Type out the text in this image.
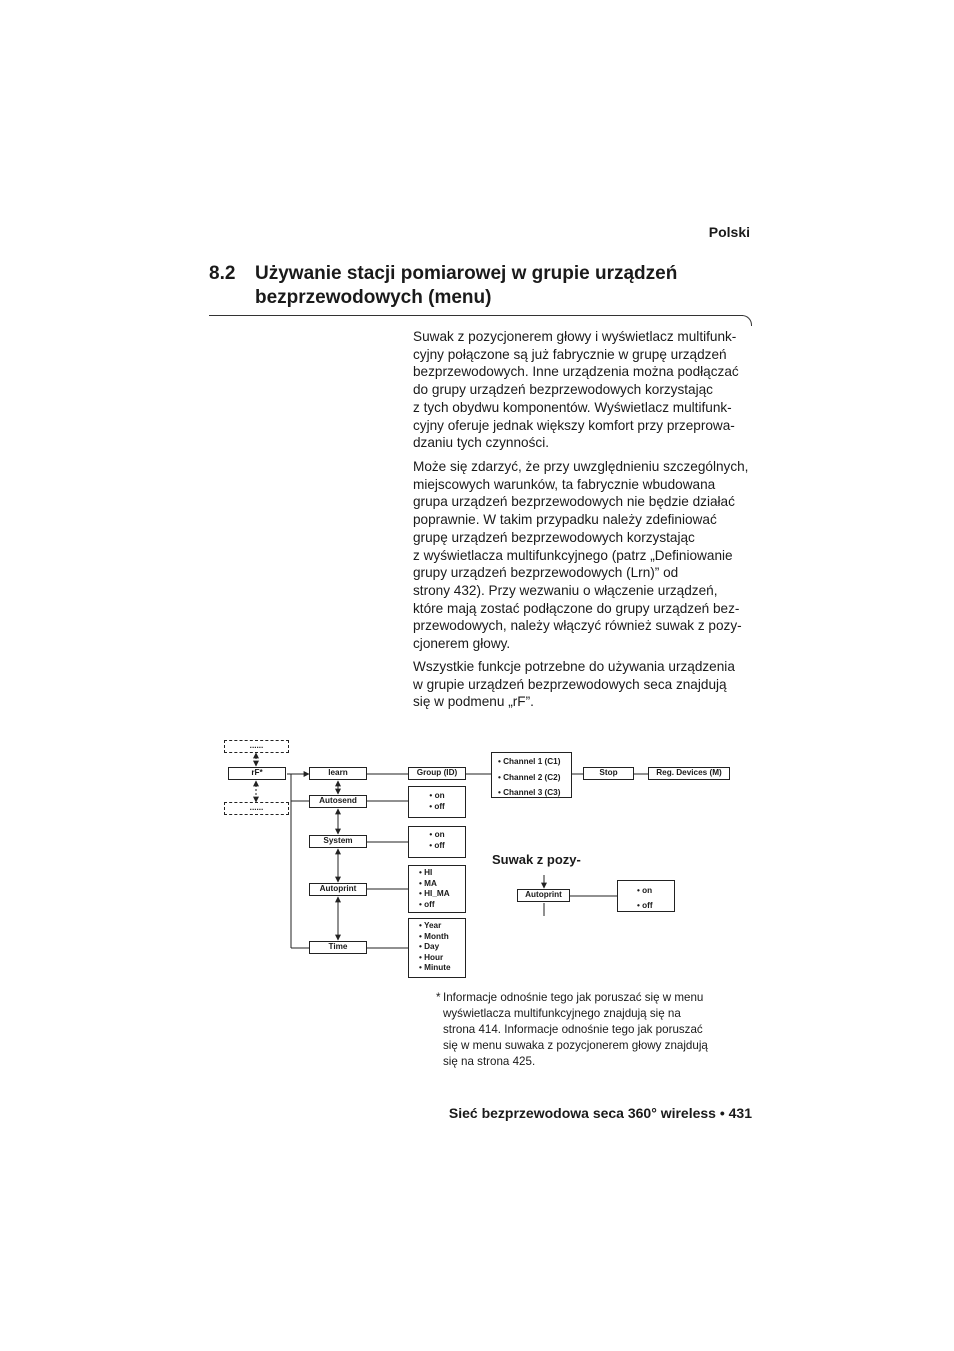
Polski
8.2 Używanie stacji pomiarowej w grupie urządzeń
bezprzewodowych (menu)
Suwak z pozycjonerem głowy i wyświetlacz multifunk-
cyjny połączone są już fabrycznie w grupę urządzeń
bezprzewodowych. Inne urządzenia można podłączać
do grupy urządzeń bezprzewodowych korzystając
z tych obydwu komponentów. Wyświetlacz multifunk-
cyjny oferuje jednak większy komfort przy przeprowa-
dzaniu tych czynności.
Może się zdarzyć, że przy uwzględnieniu szczególnych,
miejscowych warunków, ta fabrycznie wbudowana
grupa urządzeń bezprzewodowych nie będzie działać
poprawnie. W takim przypadku należy zdefiniować
grupę urządzeń bezprzewodowych korzystając
z wyświetlacza multifunkcyjnego (patrz „Definiowanie
grupy urządzeń bezprzewodowych (Lrn)” od
strony 432). Przy wezwaniu o włączenie urządzeń,
które mają zostać podłączone do grupy urządzeń bez-
przewodowych, należy włączyć również suwak z pozy-
cjonerem głowy.
Wszystkie funkcje potrzebne do używania urządzenia
w grupie urządzeń bezprzewodowych seca znajdują
się w podmenu „rF”.
......
rF*
......
learn
Autosend
System
Autoprint
Time
Group (ID)
• Channel 1 (C1)
• Channel 2 (C2)
• Channel 3 (C3)
Stop	Reg. Devices (M)
• on
• off
• on
• off
• HI
• MA
• HI_MA
• off
• Year
• Month
• Day
• Hour
• Minute
Suwak z pozy-
Autoprint	• on
• off
* Informacje odnośnie tego jak poruszać się w menu
wyświetlacza multifunkcyjnego znajdują się na
strona 414. Informacje odnośnie tego jak poruszać
się w menu suwaka z pozycjonerem głowy znajdują
się na strona 425.
Sieć bezprzewodowa seca 360° wireless • 431
